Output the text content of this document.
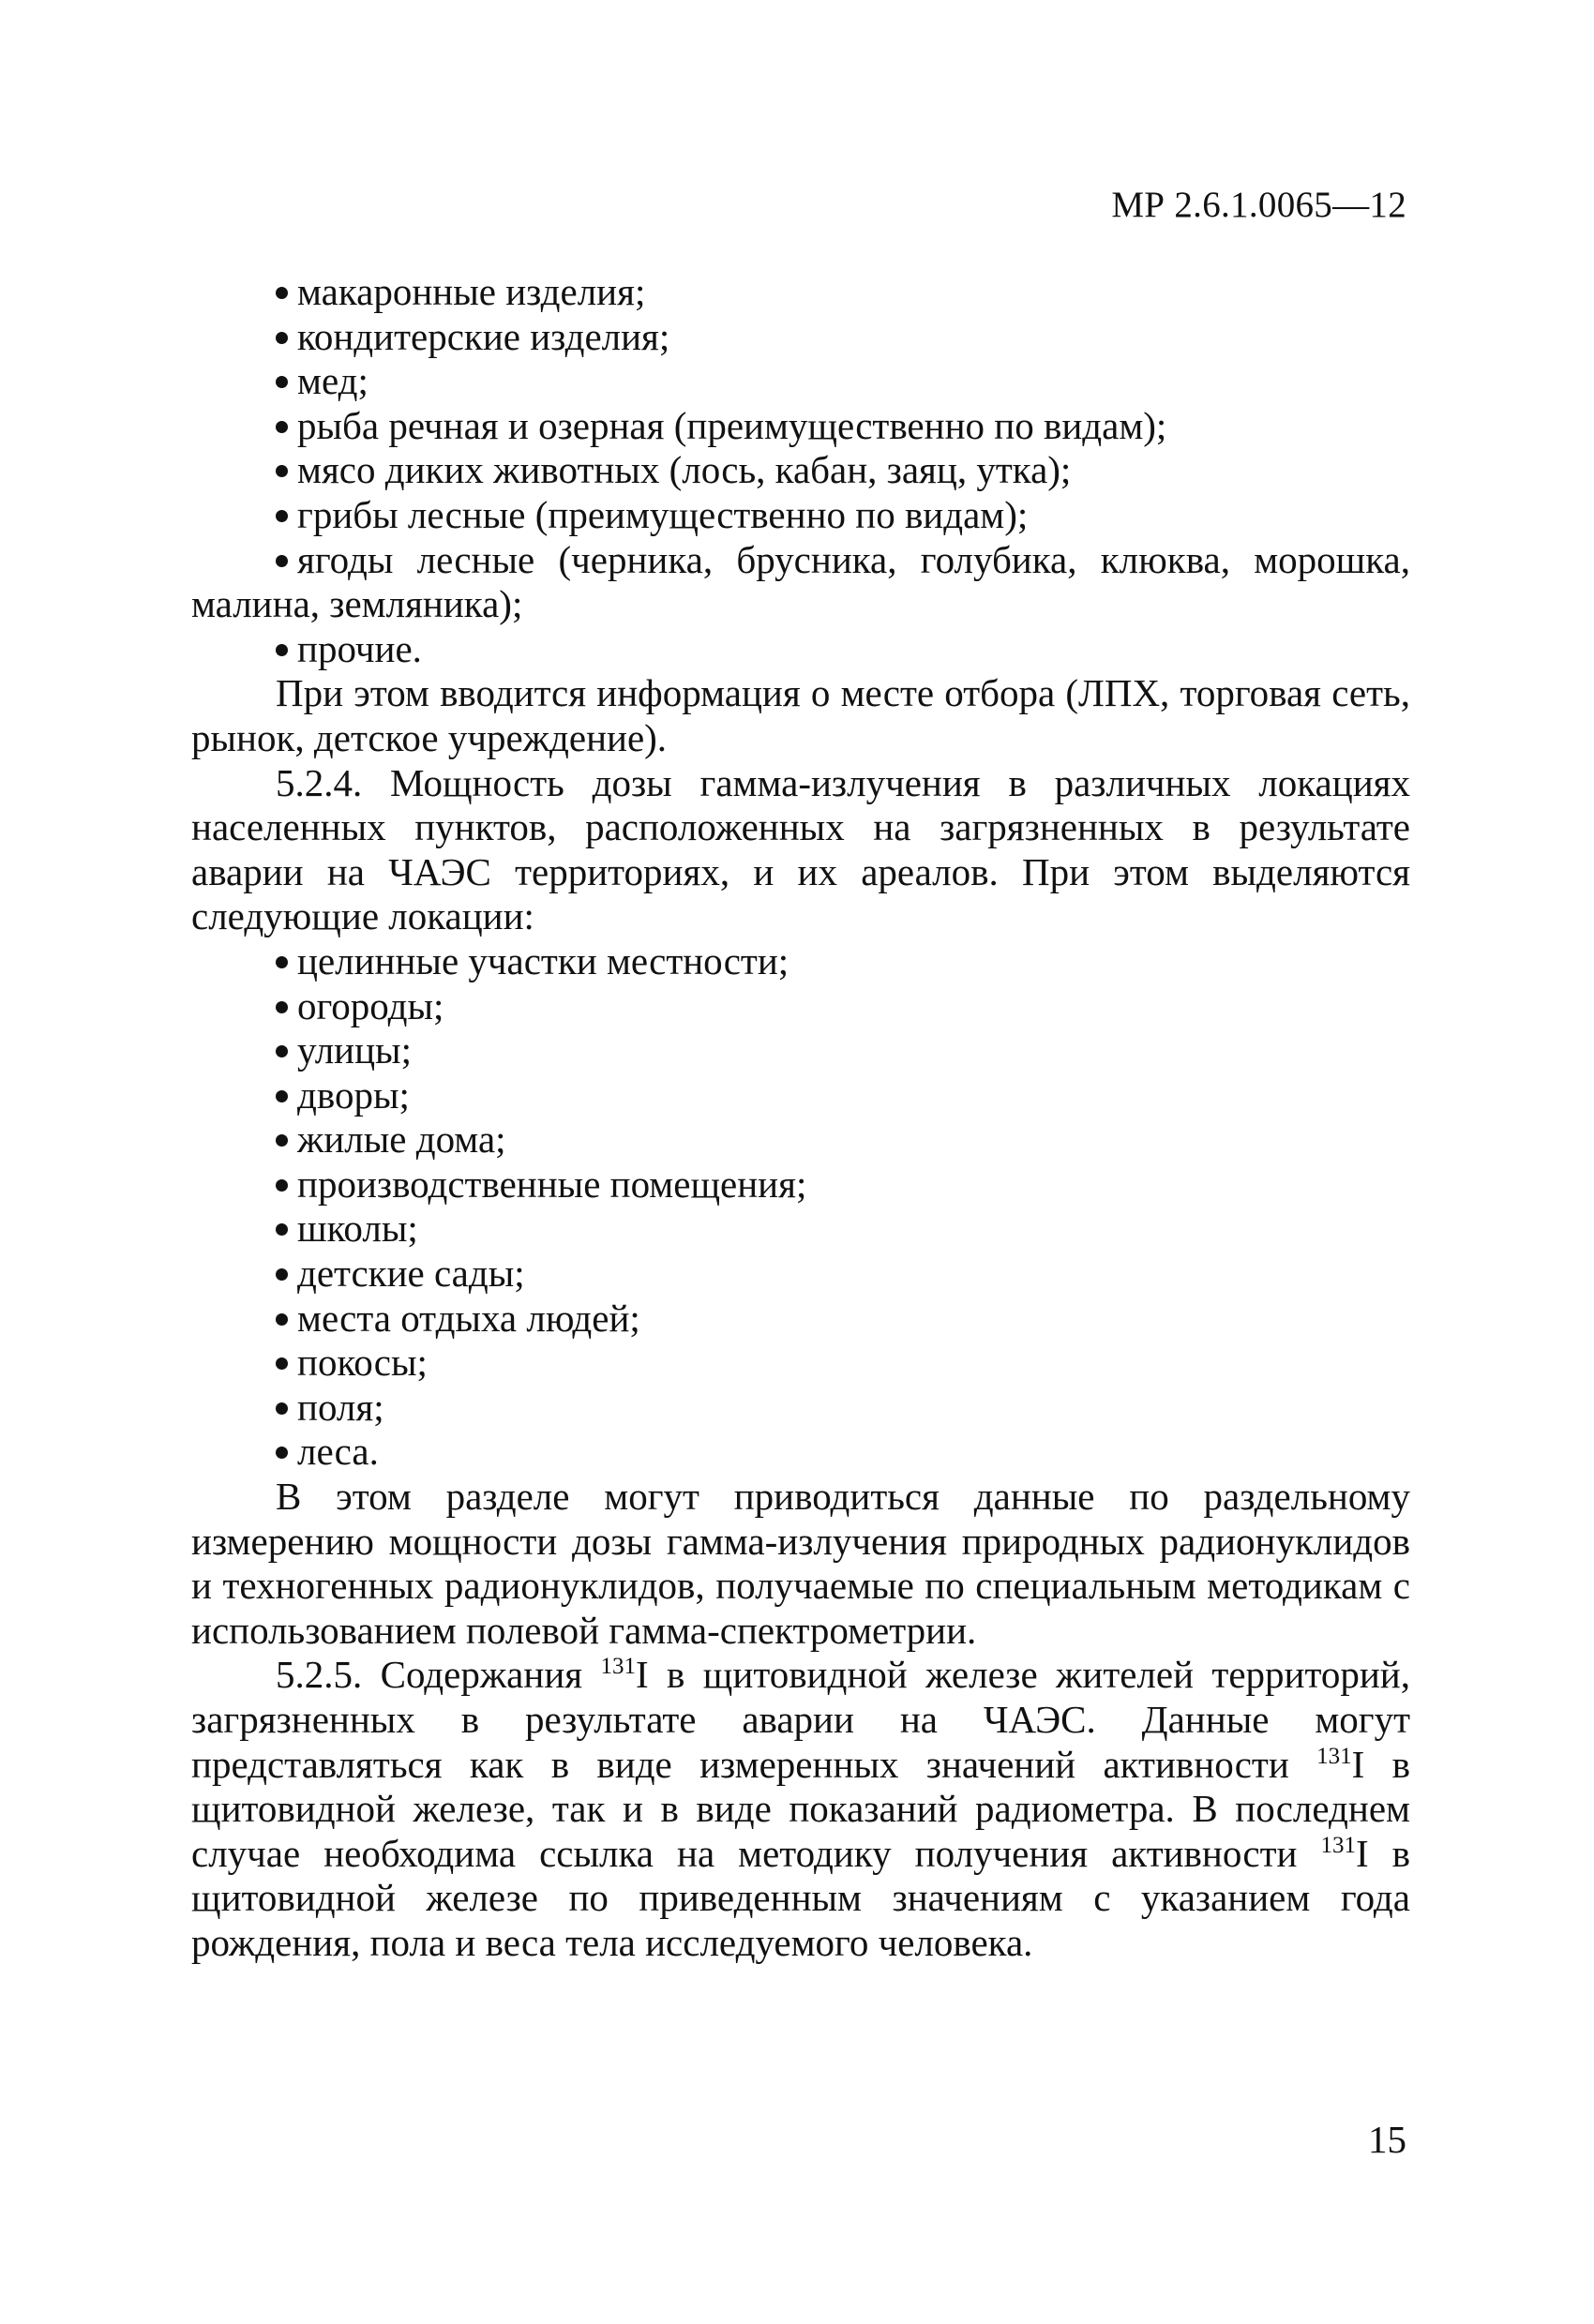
МР 2.6.1.0065—12
макаронные изделия;
кондитерские изделия;
мед;
рыба речная и озерная (преимущественно по видам);
мясо диких животных (лось, кабан, заяц, утка);
грибы лесные (преимущественно по видам);
ягоды лесные (черника, брусника, голубика, клюква, морошка, малина, земляника);
прочие.

При этом вводится информация о месте отбора (ЛПХ, торговая сеть, рынок, детское учреждение).

5.2.4. Мощность дозы гамма-излучения в различных локациях населенных пунктов, расположенных на загрязненных в результате аварии на ЧАЭС территориях, и их ареалов. При этом выделяются следующие локации:

целинные участки местности;
огороды;
улицы;
дворы;
жилые дома;
производственные помещения;
школы;
детские сады;
места отдыха людей;
покосы;
поля;
леса.

В этом разделе могут приводиться данные по раздельному измерению мощности дозы гамма-излучения природных радионуклидов и техногенных радионуклидов, получаемые по специальным методикам с использованием полевой гамма-спектрометрии.

5.2.5. Содержания $^{131}$I в щитовидной железе жителей территорий, загрязненных в результате аварии на ЧАЭС. Данные могут представляться как в виде измеренных значений активности $^{131}$I в щитовидной железе, так и в виде показаний радиометра. В последнем случае необходима ссылка на методику получения активности $^{131}$I в щитовидной железе по приведенным значениям с указанием года рождения, пола и веса тела исследуемого человека.

15
